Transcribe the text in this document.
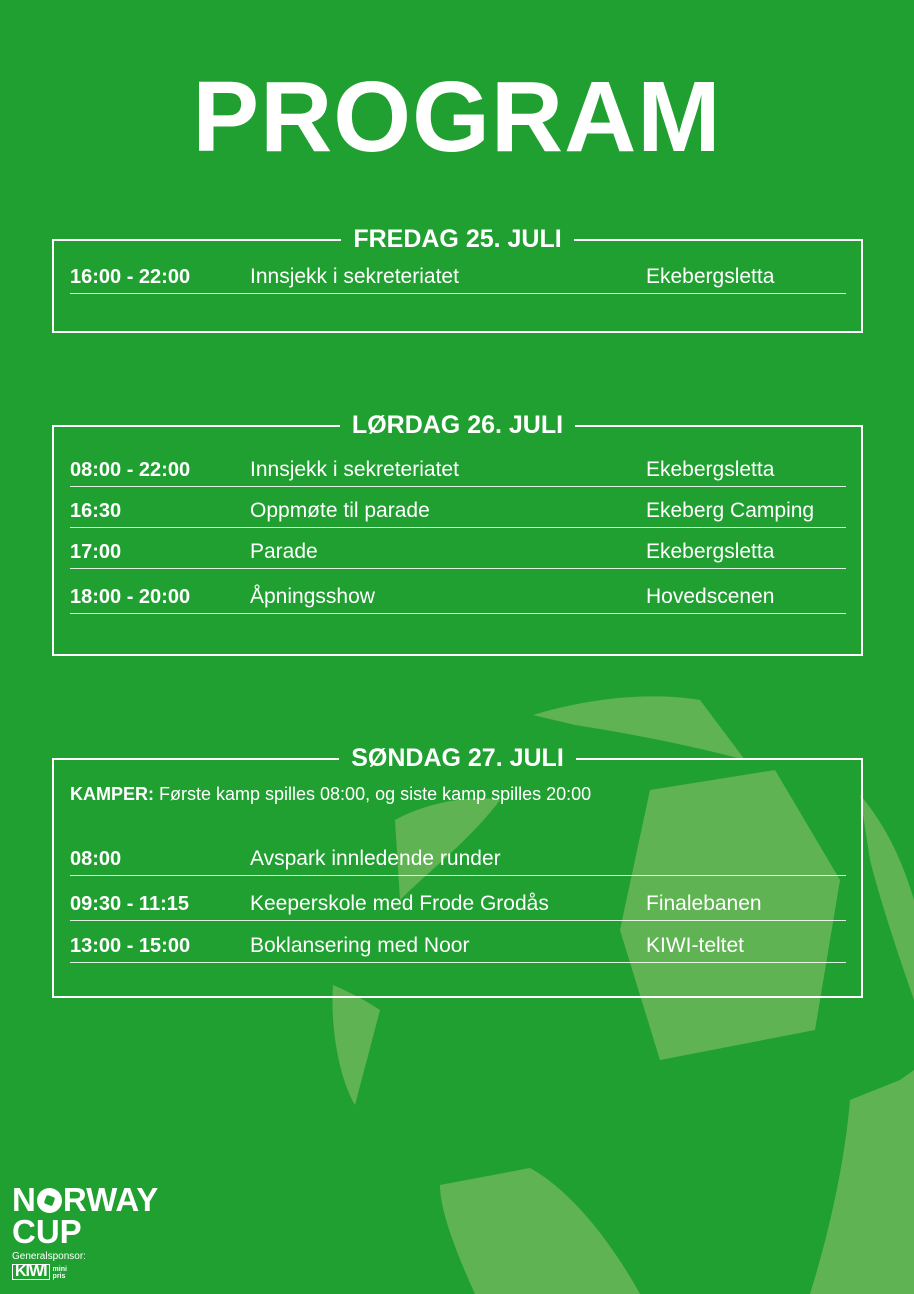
PROGRAM
FREDAG 25. JULI
16:00 - 22:00	Innsjekk i sekreteriatet	Ekebergsletta
LØRDAG 26. JULI
08:00 - 22:00	Innsjekk i sekreteriatet	Ekebergsletta
16:30	Oppmøte til parade	Ekeberg Camping
17:00	Parade	Ekebergsletta
18:00 - 20:00	Åpningsshow	Hovedscenen
SØNDAG 27. JULI
KAMPER: Første kamp spilles 08:00, og siste kamp spilles 20:00
08:00	Avspark innledende runder
09:30 - 11:15	Keeperskole med Frode Grodås	Finalebanen
13:00 - 15:00	Boklansering med Noor	KIWI-teltet
N RWAY
CUP
Generalsponsor:
KIWI mini
pris
